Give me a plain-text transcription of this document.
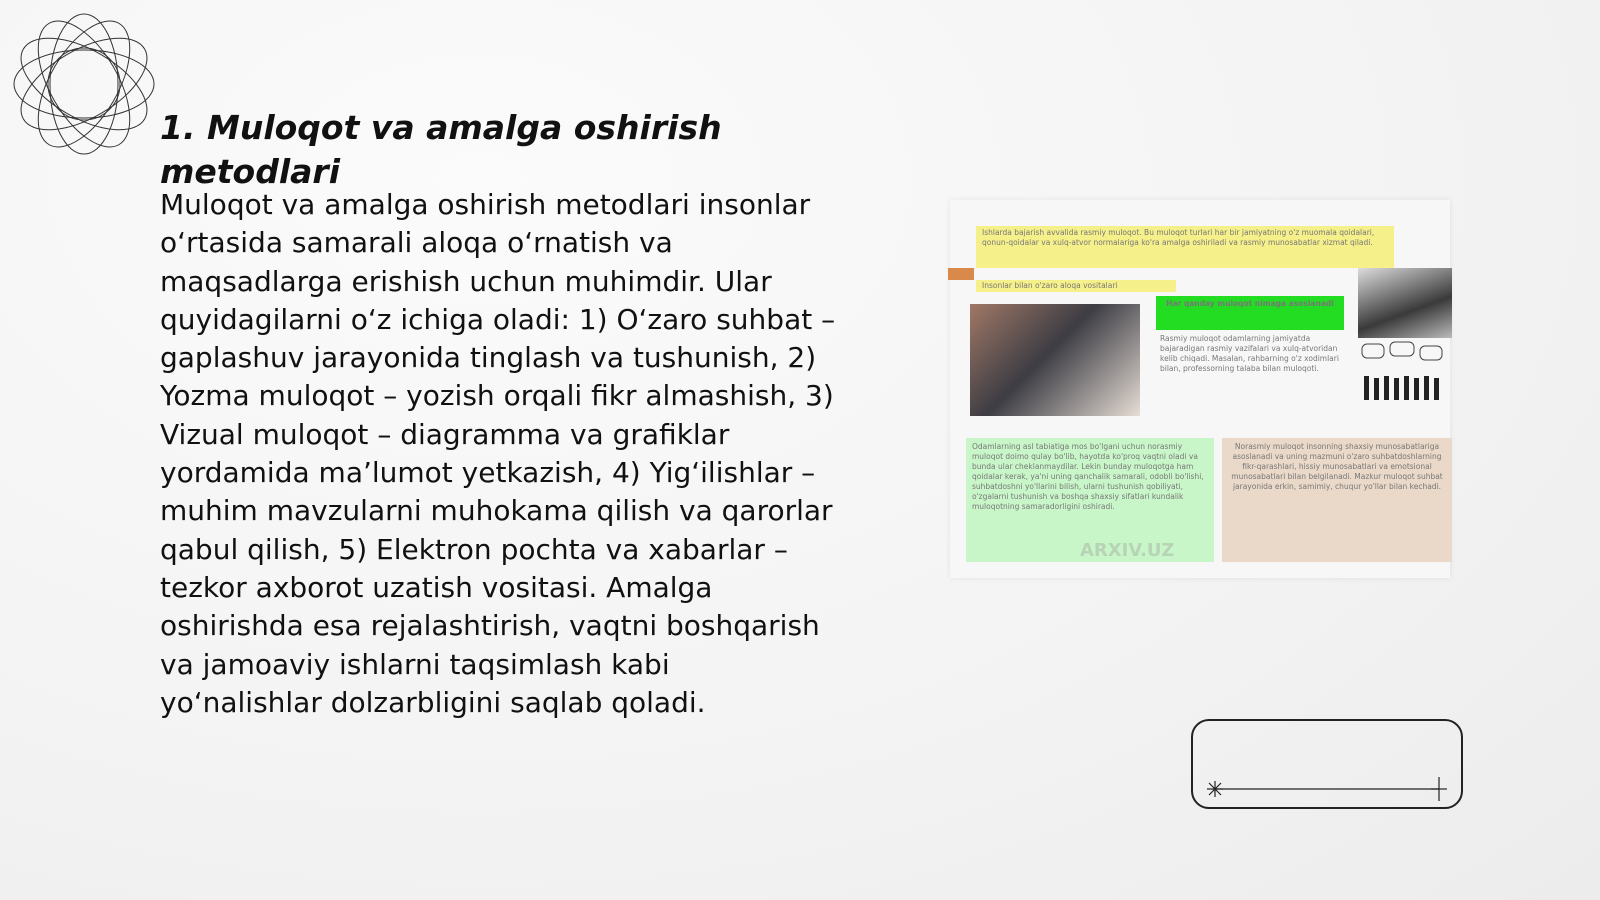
1. Muloqot va amalga oshirish metodlari

Muloqot va amalga oshirish metodlari insonlar o‘rtasida samarali aloqa o‘rnatish va maqsadlarga erishish uchun muhimdir. Ular quyidagilarni o‘z ichiga oladi: 1) O‘zaro suhbat – gaplashuv jarayonida tinglash va tushunish, 2) Yozma muloqot – yozish orqali fikr almashish, 3) Vizual muloqot – diagramma va grafiklar yordamida ma’lumot yetkazish, 4) Yig‘ilishlar – muhim mavzularni muhokama qilish va qarorlar qabul qilish, 5) Elektron pochta va xabarlar – tezkor axborot uzatish vositasi. Amalga oshirishda esa rejalashtirish, vaqtni boshqarish va jamoaviy ishlarni taqsimlash kabi yo‘nalishlar dolzarbligini saqlab qoladi.

Ishlarda bajarish avvalida rasmiy muloqot. Bu muloqot turlari har bir jamiyatning o'z muomala qoidalari, qonun-qoidalar va xulq-atvor normalariga ko'ra amalga oshiriladi va rasmiy munosabatlar xizmat qiladi.
Insonlar bilan o'zaro aloqa vositalari
Har qanday muloqot nimaga asoslanadi
Rasmiy muloqot odamlarning jamiyatda bajaradigan rasmiy vazifalari va xulq-atvoridan kelib chiqadi. Masalan, rahbarning o'z xodimlari bilan, professorning talaba bilan muloqoti.
Odamlarning asl tabiatiga mos bo'lgani uchun norasmiy muloqot doimo qulay bo'lib, hayotda ko'proq vaqtni oladi va bunda ular cheklanmaydilar. Lekin bunday muloqotga ham qoidalar kerak, ya'ni uning qanchalik samarali, odobli bo'lishi, suhbatdoshni yo'llarini bilish, ularni tushunish qobiliyati, o'zgalarni tushunish va boshqa shaxsiy sifatlari kundalik muloqotning samaradorligini oshiradi.
Norasmiy muloqot insonning shaxsiy munosabatlariga asoslanadi va uning mazmuni o'zaro suhbatdoshlarning fikr-qarashlari, hissiy munosabatlari va emotsional munosabatlari bilan belgilanadi. Mazkur muloqot suhbat jarayonida erkin, samimiy, chuqur yo'llar bilan kechadi.
ARXIV.UZ
